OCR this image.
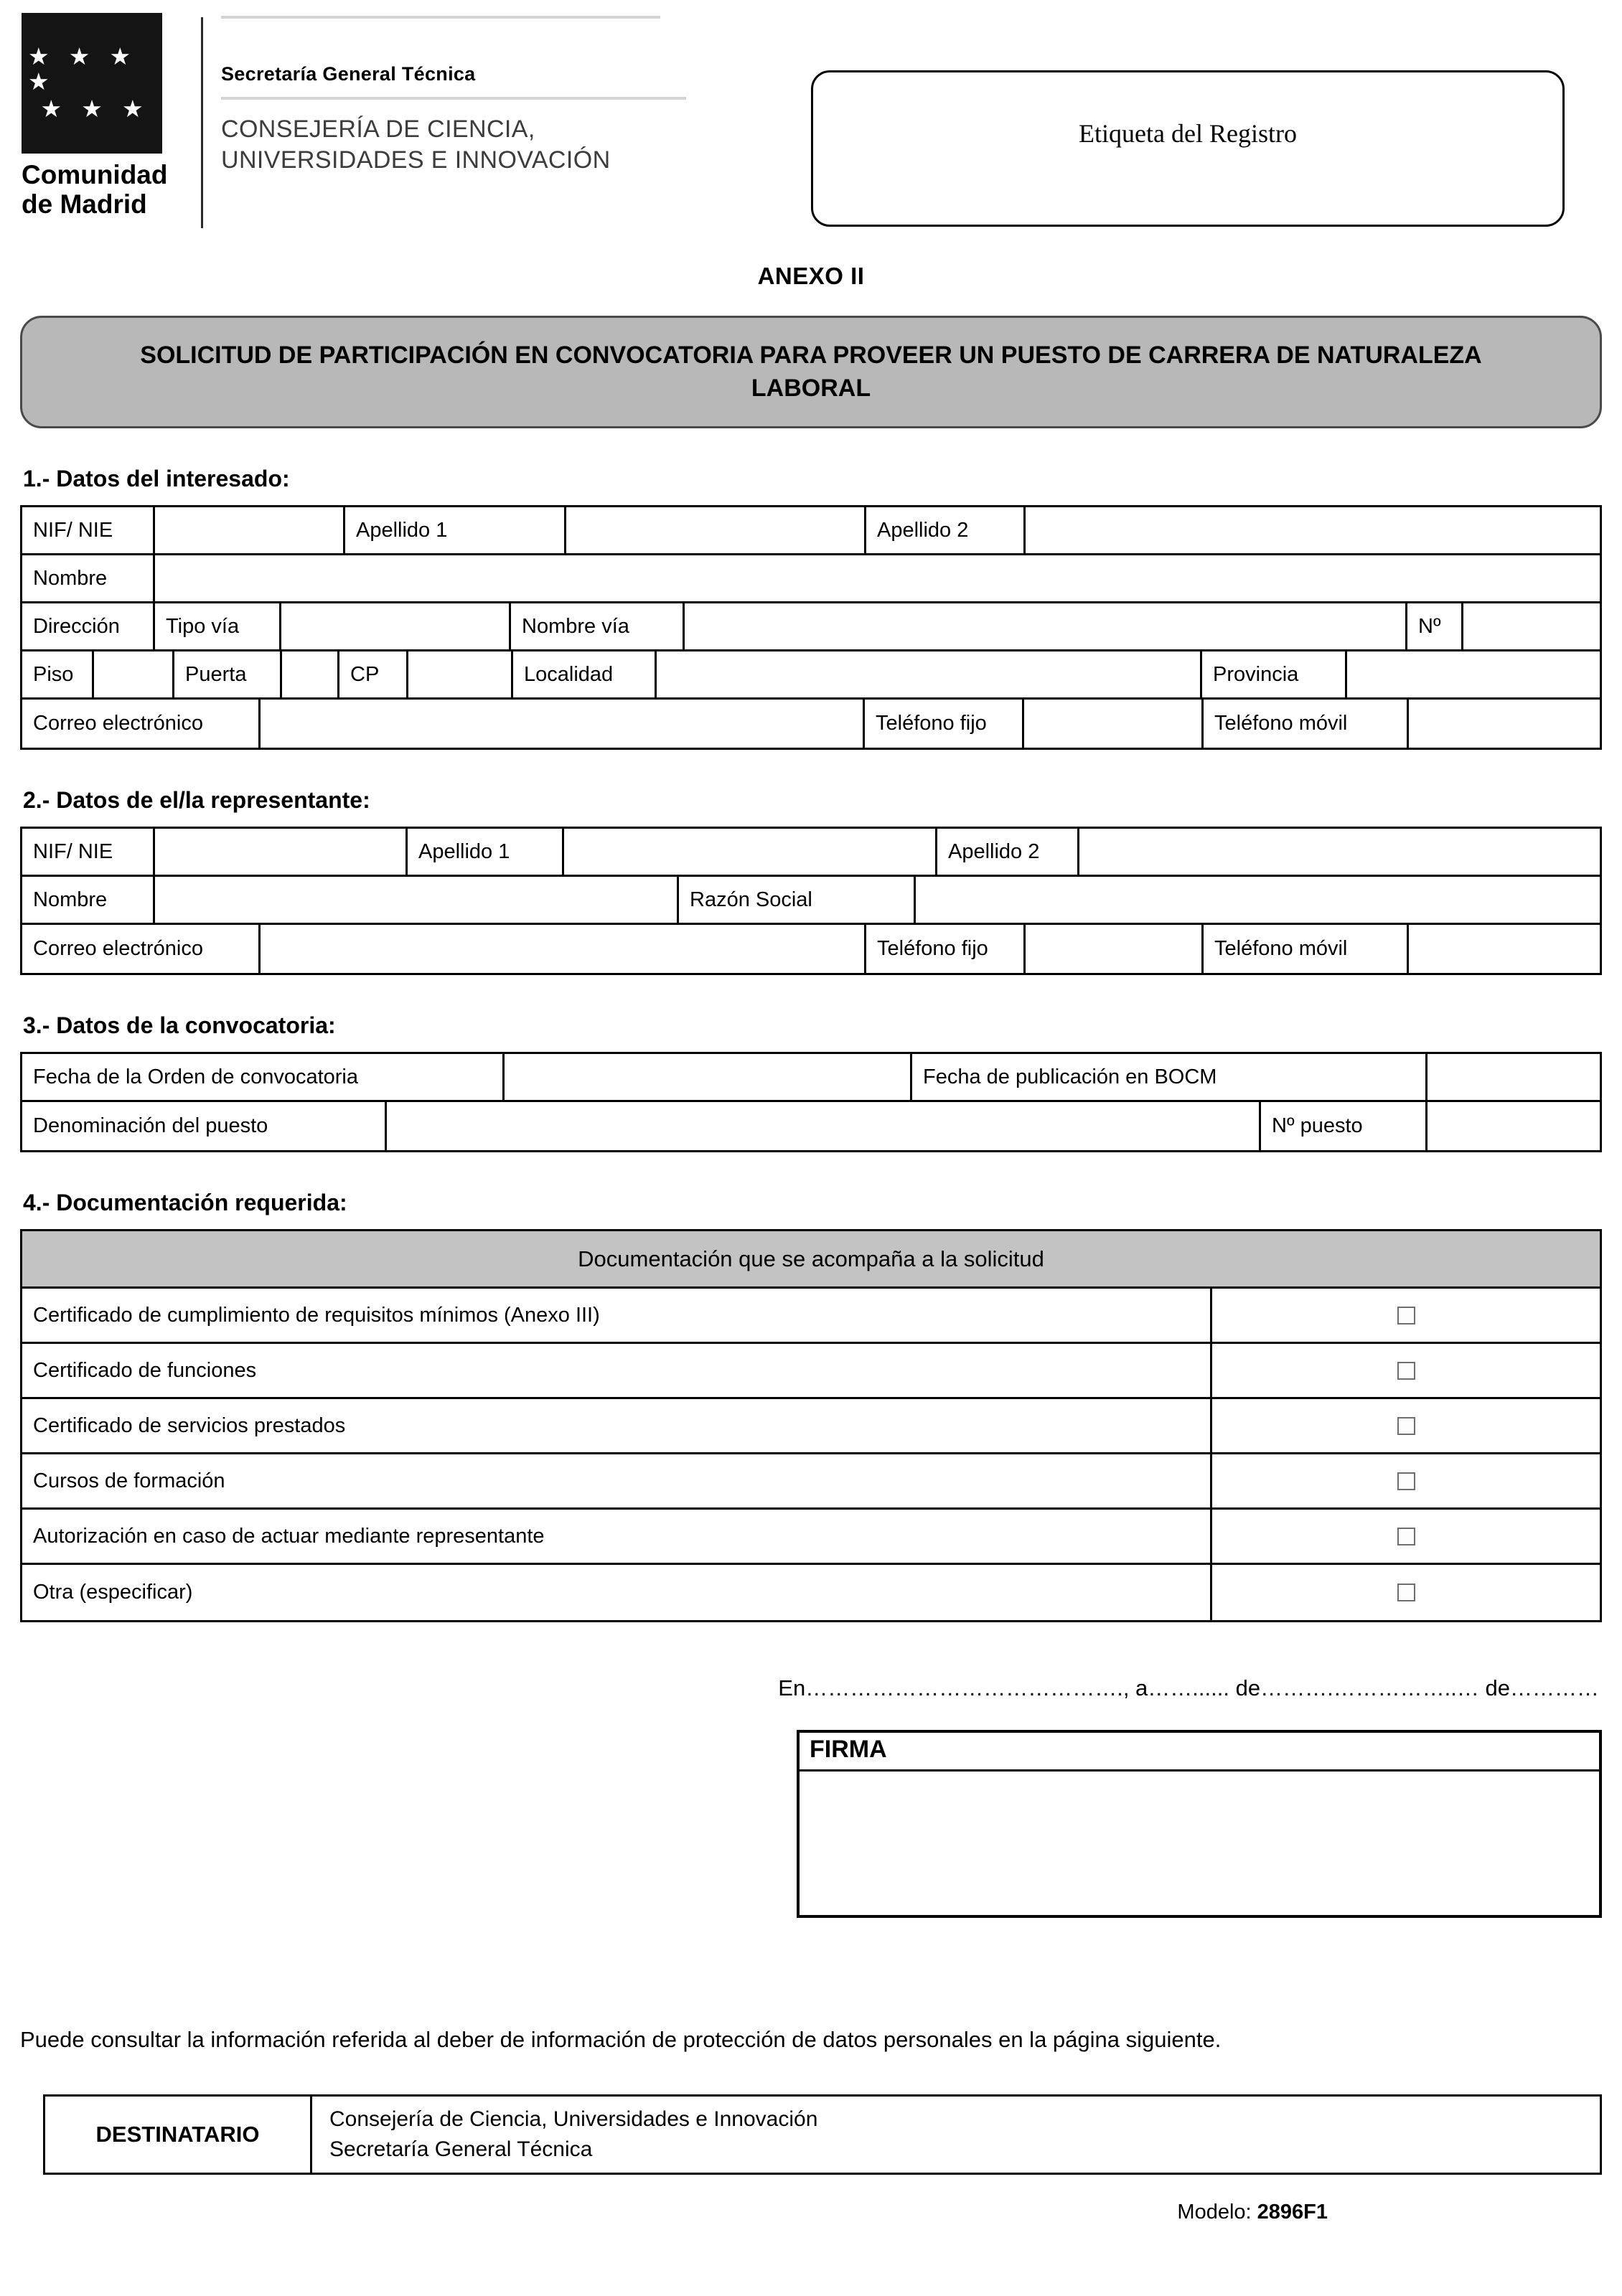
★ ★ ★ ★
★ ★ ★
Comunidad
de Madrid
Secretaría General Técnica
CONSEJERÍA DE CIENCIA,
UNIVERSIDADES E INNOVACIÓN
Etiqueta del Registro
ANEXO II
SOLICITUD DE PARTICIPACIÓN EN CONVOCATORIA PARA PROVEER UN PUESTO DE CARRERA DE NATURALEZA LABORAL
1.- Datos del interesado:
NIF/ NIE	Apellido 1	Apellido 2
Nombre
Dirección	Tipo vía	Nombre vía	Nº
Piso	Puerta	CP	Localidad	Provincia
Correo electrónico	Teléfono fijo	Teléfono móvil
2.- Datos de el/la representante:
NIF/ NIE	Apellido 1	Apellido 2
Nombre	Razón Social
Correo electrónico	Teléfono fijo	Teléfono móvil
3.- Datos de la convocatoria:
Fecha de la Orden de convocatoria	Fecha de publicación en BOCM
Denominación del puesto	Nº puesto
4.- Documentación requerida:
Documentación que se acompaña a la solicitud
Certificado de cumplimiento de requisitos mínimos (Anexo III)
Certificado de funciones
Certificado de servicios prestados
Cursos de formación
Autorización en caso de actuar mediante representante
Otra (especificar)
En……………………………………., a……...... de……….……………..… de…………
FIRMA
Puede consultar la información referida al deber de información de protección de datos personales en la página siguiente.
DESTINATARIO
Consejería de Ciencia, Universidades e Innovación
Secretaría General Técnica
Modelo: 2896F1
